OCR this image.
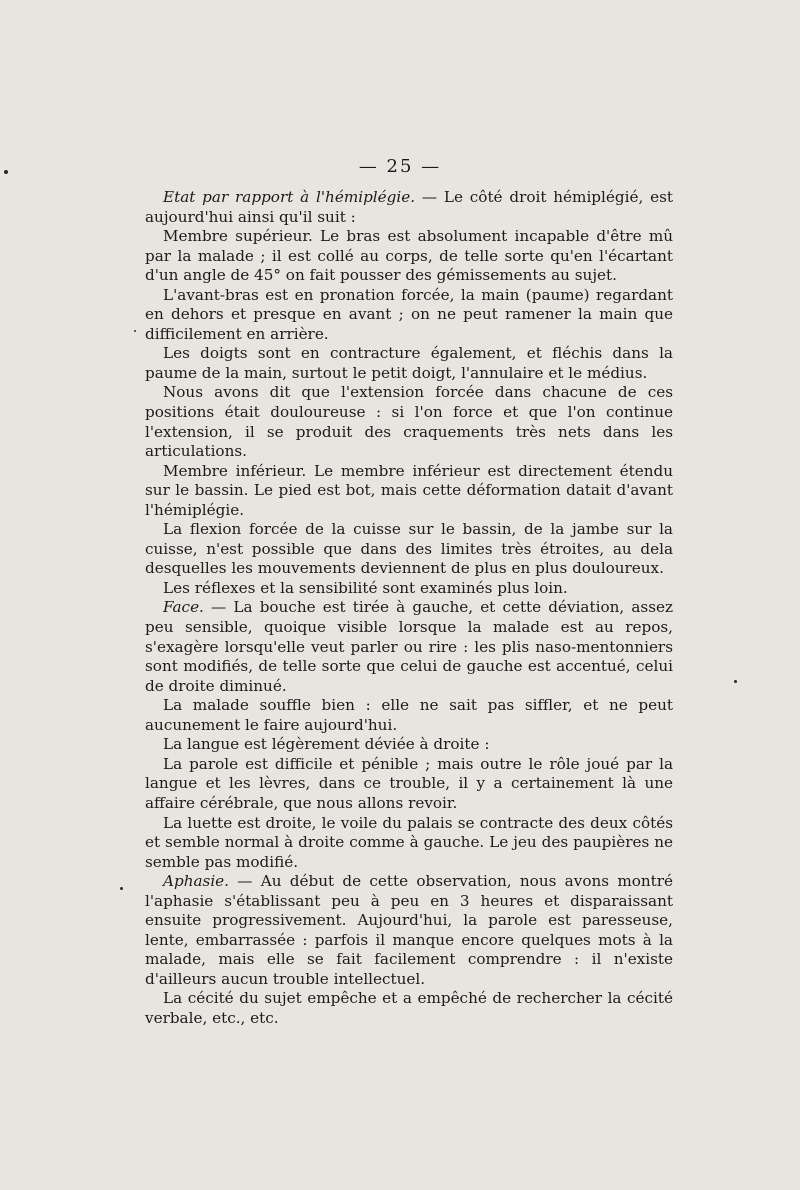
— 25 —

Etat par rapport à l'hémiplégie. — Le côté droit hémiplégié, est aujourd'hui ainsi qu'il suit :

Membre supérieur. Le bras est absolument incapable d'être mû par la malade ; il est collé au corps, de telle sorte qu'en l'écartant d'un angle de 45° on fait pousser des gémissements au sujet.

L'avant-bras est en pronation forcée, la main (paume) regardant en dehors et presque en avant ; on ne peut ramener la main que difficilement en arrière.

Les doigts sont en contracture également, et fléchis dans la paume de la main, surtout le petit doigt, l'annulaire et le médius.

Nous avons dit que l'extension forcée dans chacune de ces positions était douloureuse : si l'on force et que l'on continue l'extension, il se produit des craquements très nets dans les articulations.

Membre inférieur. Le membre inférieur est directement étendu sur le bassin. Le pied est bot, mais cette déformation datait d'avant l'hémiplégie.

La flexion forcée de la cuisse sur le bassin, de la jambe sur la cuisse, n'est possible que dans des limites très étroites, au dela desquelles les mouvements deviennent de plus en plus douloureux.

Les réflexes et la sensibilité sont examinés plus loin.

Face. — La bouche est tirée à gauche, et cette déviation, assez peu sensible, quoique visible lorsque la malade est au repos, s'exagère lorsqu'elle veut parler ou rire : les plis naso-mentonniers sont modifiés, de telle sorte que celui de gauche est accentué, celui de droite diminué.

La malade souffle bien : elle ne sait pas siffler, et ne peut aucunement le faire aujourd'hui.

La langue est légèrement déviée à droite :

La parole est difficile et pénible ; mais outre le rôle joué par la langue et les lèvres, dans ce trouble, il y a certainement là une affaire cérébrale, que nous allons revoir.

La luette est droite, le voile du palais se contracte des deux côtés et semble normal à droite comme à gauche. Le jeu des paupières ne semble pas modifié.

Aphasie. — Au début de cette observation, nous avons montré l'aphasie s'établissant peu à peu en 3 heures et disparaissant ensuite progressivement. Aujourd'hui, la parole est paresseuse, lente, embarrassée : parfois il manque encore quelques mots à la malade, mais elle se fait facilement comprendre : il n'existe d'ailleurs aucun trouble intellectuel.

La cécité du sujet empêche et a empêché de rechercher la cécité verbale, etc., etc.
